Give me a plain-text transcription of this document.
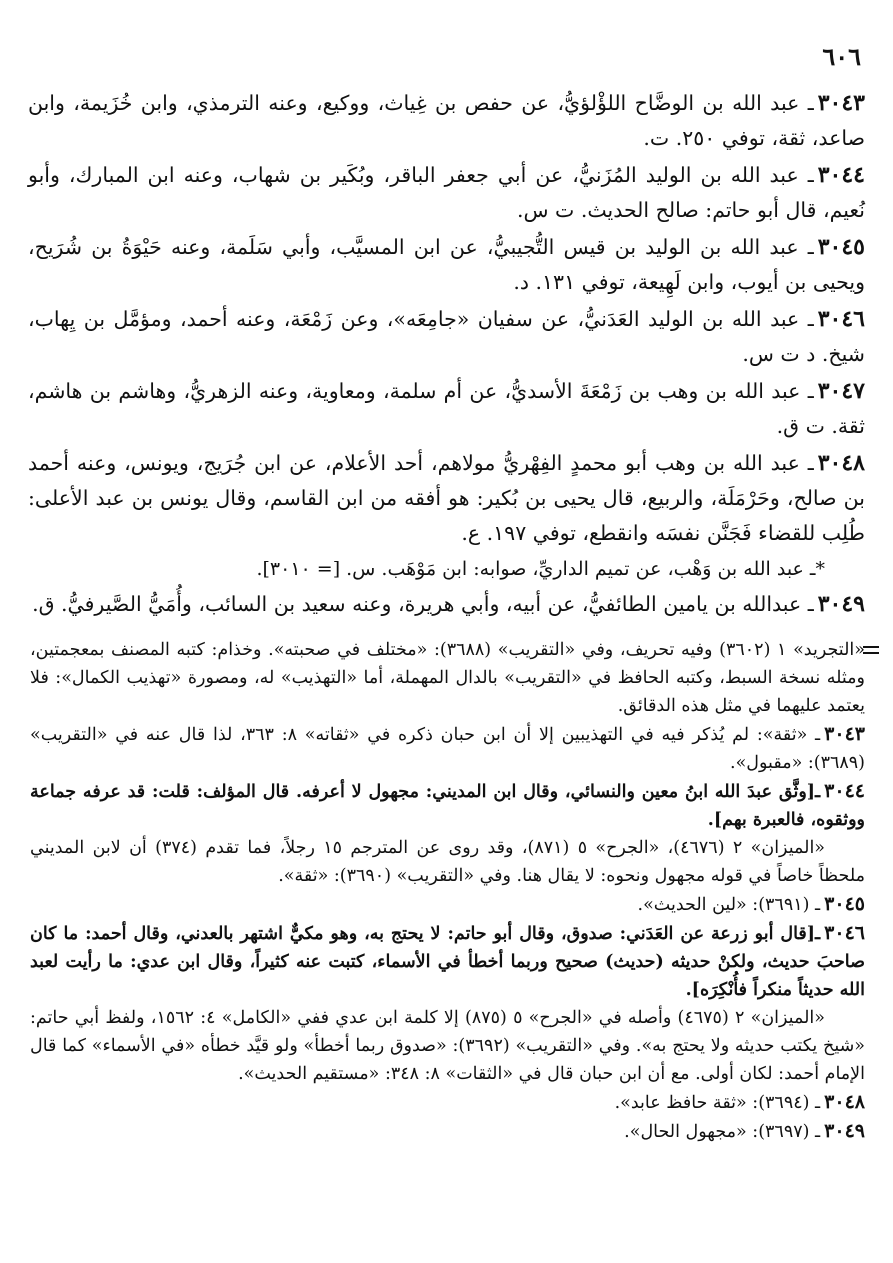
٦٠٦
٣٠٤٣ـ عبد الله بن الوضَّاح اللؤْلؤيُّ، عن حفص بن غِياث، ووكيع، وعنه الترمذي، وابن خُزَيمة، وابن صاعد، ثقة، توفي ٢٥٠. ت.
٣٠٤٤ـ عبد الله بن الوليد المُزَنيُّ، عن أبي جعفر الباقر، وبُكَير بن شهاب، وعنه ابن المبارك، وأبو نُعيم، قال أبو حاتم: صالح الحديث. ت س.
٣٠٤٥ـ عبد الله بن الوليد بن قيس التُّجيبيُّ، عن ابن المسيَّب، وأبي سَلَمة، وعنه حَيْوَةُ بن شُرَيح، ويحيى بن أيوب، وابن لَهِيعة، توفي ١٣١. د.
٣٠٤٦ـ عبد الله بن الوليد العَدَنيُّ، عن سفيان «جامِعَه»، وعن زَمْعَة، وعنه أحمد، ومؤمَّل بن يِهاب، شيخ. د ت س.
٣٠٤٧ـ عبد الله بن وهب بن زَمْعَةَ الأسديُّ، عن أم سلمة، ومعاوية، وعنه الزهريُّ، وهاشم بن هاشم، ثقة. ت ق.
٣٠٤٨ـ عبد الله بن وهب أبو محمدٍ الفِهْريُّ مولاهم، أحد الأعلام، عن ابن جُرَيج، ويونس، وعنه أحمد بن صالح، وحَرْمَلَة، والربيع، قال يحيى بن بُكير: هو أفقه من ابن القاسم، وقال يونس بن عبد الأعلى: طُلِب للقضاء فَجَنَّن نفسَه وانقطع، توفي ١٩٧. ع.
*ـ عبد الله بن وَهْب، عن تميم الداريِّ، صوابه: ابن مَوْهَب. س. [= ٣٠١٠].
٣٠٤٩ـ عبدالله بن يامين الطائفيُّ، عن أبيه، وأبي هريرة، وعنه سعيد بن السائب، وأُمَيُّ الصَّيرفيُّ. ق.
«التجريد» ١ (٣٦٠٢) وفيه تحريف، وفي «التقريب» (٣٦٨٨): «مختلف في صحبته». وخذام: كتبه المصنف بمعجمتين، ومثله نسخة السبط، وكتبه الحافظ في «التقريب» بالدال المهملة، أما «التهذيب» له، ومصورة «تهذيب الكمال»: فلا يعتمد عليهما في مثل هذه الدقائق.
٣٠٤٣ـ «ثقة»: لم يُذكر فيه في التهذيبين إلا أن ابن حبان ذكره في «ثقاته» ٨: ٣٦٣، لذا قال عنه في «التقريب» (٣٦٨٩): «مقبول».
٣٠٤٤ـ[وثَّق عبدَ الله ابنُ معين والنسائي، وقال ابن المديني: مجهول لا أعرفه. قال المؤلف: قلت: قد عرفه جماعة ووثقوه، فالعبرة بهم].
«الميزان» ٢ (٤٦٧٦)، «الجرح» ٥ (٨٧١)، وقد روى عن المترجم ١٥ رجلاً، فما تقدم (٣٧٤) أن لابن المديني ملحظاً خاصاً في قوله مجهول ونحوه: لا يقال هنا. وفي «التقريب» (٣٦٩٠): «ثقة».
٣٠٤٥ـ (٣٦٩١): «لين الحديث».
٣٠٤٦ـ[قال أبو زرعة عن العَدَني: صدوق، وقال أبو حاتم: لا يحتج به، وهو مكيٌّ اشتهر بالعدني، وقال أحمد: ما كان صاحبَ حديث، ولكنْ حديثه (حديث) صحيح وربما أخطأ في الأسماء، كتبت عنه كثيراً، وقال ابن عدي: ما رأيت لعبد الله حديثاً منكراً فأُنْكِرَه].
«الميزان» ٢ (٤٦٧٥) وأصله في «الجرح» ٥ (٨٧٥) إلا كلمة ابن عدي ففي «الكامل» ٤: ١٥٦٢، ولفظ أبي حاتم: «شيخ يكتب حديثه ولا يحتج به». وفي «التقريب» (٣٦٩٢): «صدوق ربما أخطأ» ولو قيَّد خطأه «في الأسماء» كما قال الإمام أحمد: لكان أولى. مع أن ابن حبان قال في «الثقات» ٨: ٣٤٨: «مستقيم الحديث».
٣٠٤٨ـ (٣٦٩٤): «ثقة حافظ عابد».
٣٠٤٩ـ (٣٦٩٧): «مجهول الحال».
